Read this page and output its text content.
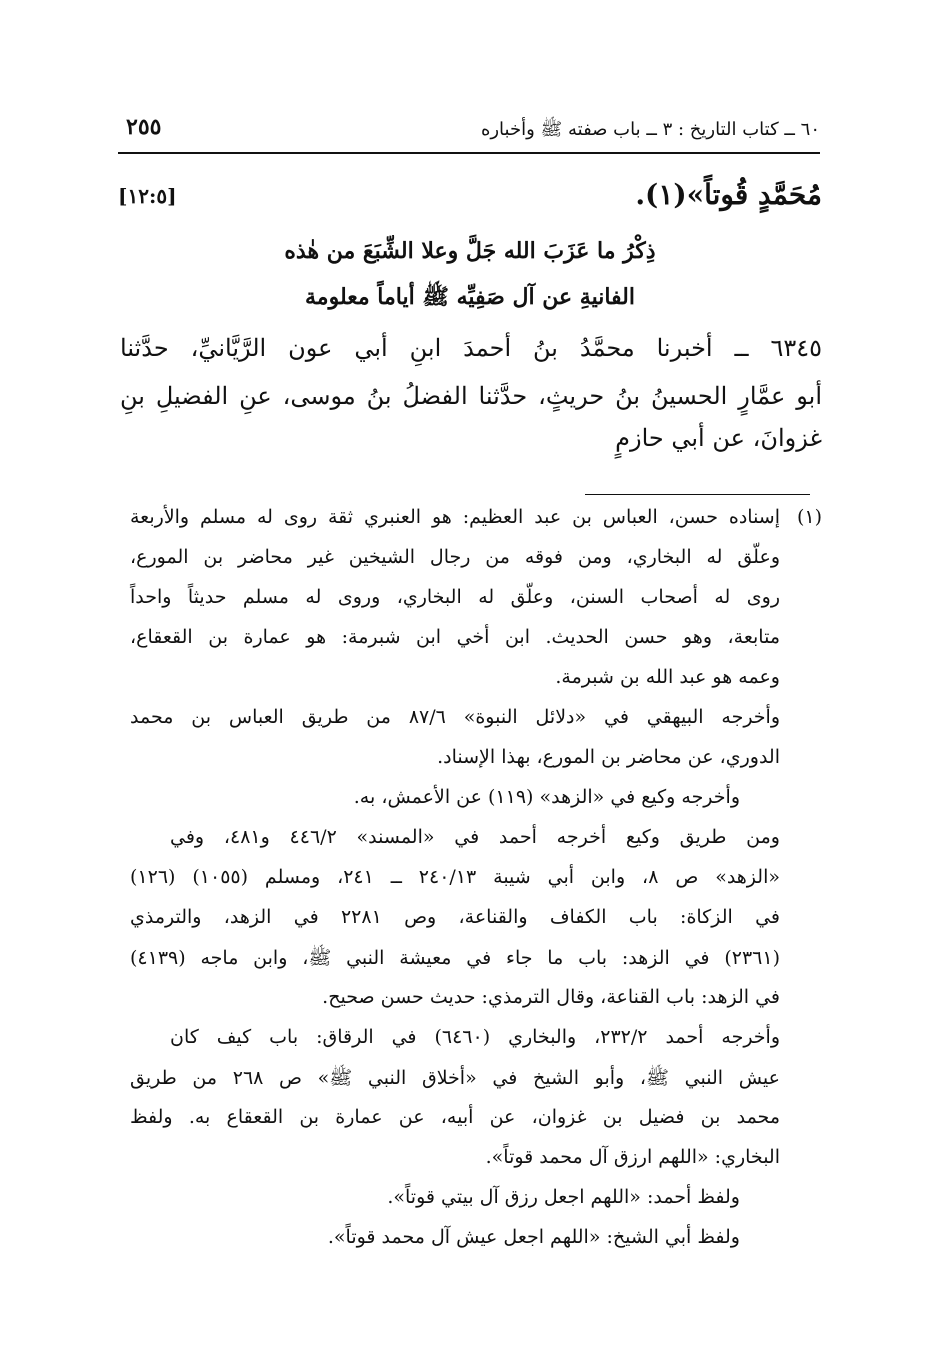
٦٠ ــ كتاب التاريخ : ٣ ــ باب صفته ﷺ وأخباره
٢٥٥
مُحَمَّدٍ قُوتاً»(١).
[١٢:٥]
ذِكْرُ ما عَزَبَ الله جَلَّ وعلا الشِّبَعَ من هٰذه
الفانيةِ عن آل صَفِيِّه ﷺ أياماً معلومة
٦٣٤٥ ــ أخبرنا محمَّدُ بنُ أحمدَ ابنِ أبي عون الرَّيَّانيِّ، حدَّثنا
أبو عمَّارٍ الحسينُ بنُ حريثٍ، حدَّثنا الفضلُ بنُ موسى، عنِ الفضيلِ بنِ
غزوانَ، عن أبي حازمٍ
(١)
إسناده حسن، العباس بن عبد العظيم: هو العنبري ثقة روى له مسلم والأربعة
وعلّق له البخاري، ومن فوقه من رجال الشيخين غير محاضر بن المورع،
روى له أصحاب السنن، وعلّق له البخاري، وروى له مسلم حديثاً واحداً
متابعة، وهو حسن الحديث. ابن أخي ابن شبرمة: هو عمارة بن القعقاع،
وعمه هو عبد الله بن شبرمة.
وأخرجه البيهقي في «دلائل النبوة» ٨٧/٦ من طريق العباس بن محمد
الدوري، عن محاضر بن المورع، بهذا الإسناد.
وأخرجه وكيع في «الزهد» (١١٩) عن الأعمش، به.
ومن طريق وكيع أخرجه أحمد في «المسند» ٤٤٦/٢ و٤٨١، وفي
«الزهد» ص ٨، وابن أبي شيبة ٢٤٠/١٣ ــ ٢٤١، ومسلم (١٠٥٥) (١٢٦)
في الزكاة: باب الكفاف والقناعة، وص ٢٢٨١ في الزهد، والترمذي
(٢٣٦١) في الزهد: باب ما جاء في معيشة النبي ﷺ، وابن ماجه (٤١٣٩)
في الزهد: باب القناعة، وقال الترمذي: حديث حسن صحيح.
وأخرجه أحمد ٢٣٢/٢، والبخاري (٦٤٦٠) في الرقاق: باب كيف كان
عيش النبي ﷺ، وأبو الشيخ في «أخلاق النبي ﷺ» ص ٢٦٨ من طريق
محمد بن فضيل بن غزوان، عن أبيه، عن عمارة بن القعقاع به. ولفظ
البخاري: «اللهم ارزق آل محمد قوتاً».
ولفظ أحمد: «اللهم اجعل رزق آل بيتي قوتاً».
ولفظ أبي الشيخ: «اللهم اجعل عيش آل محمد قوتاً».
